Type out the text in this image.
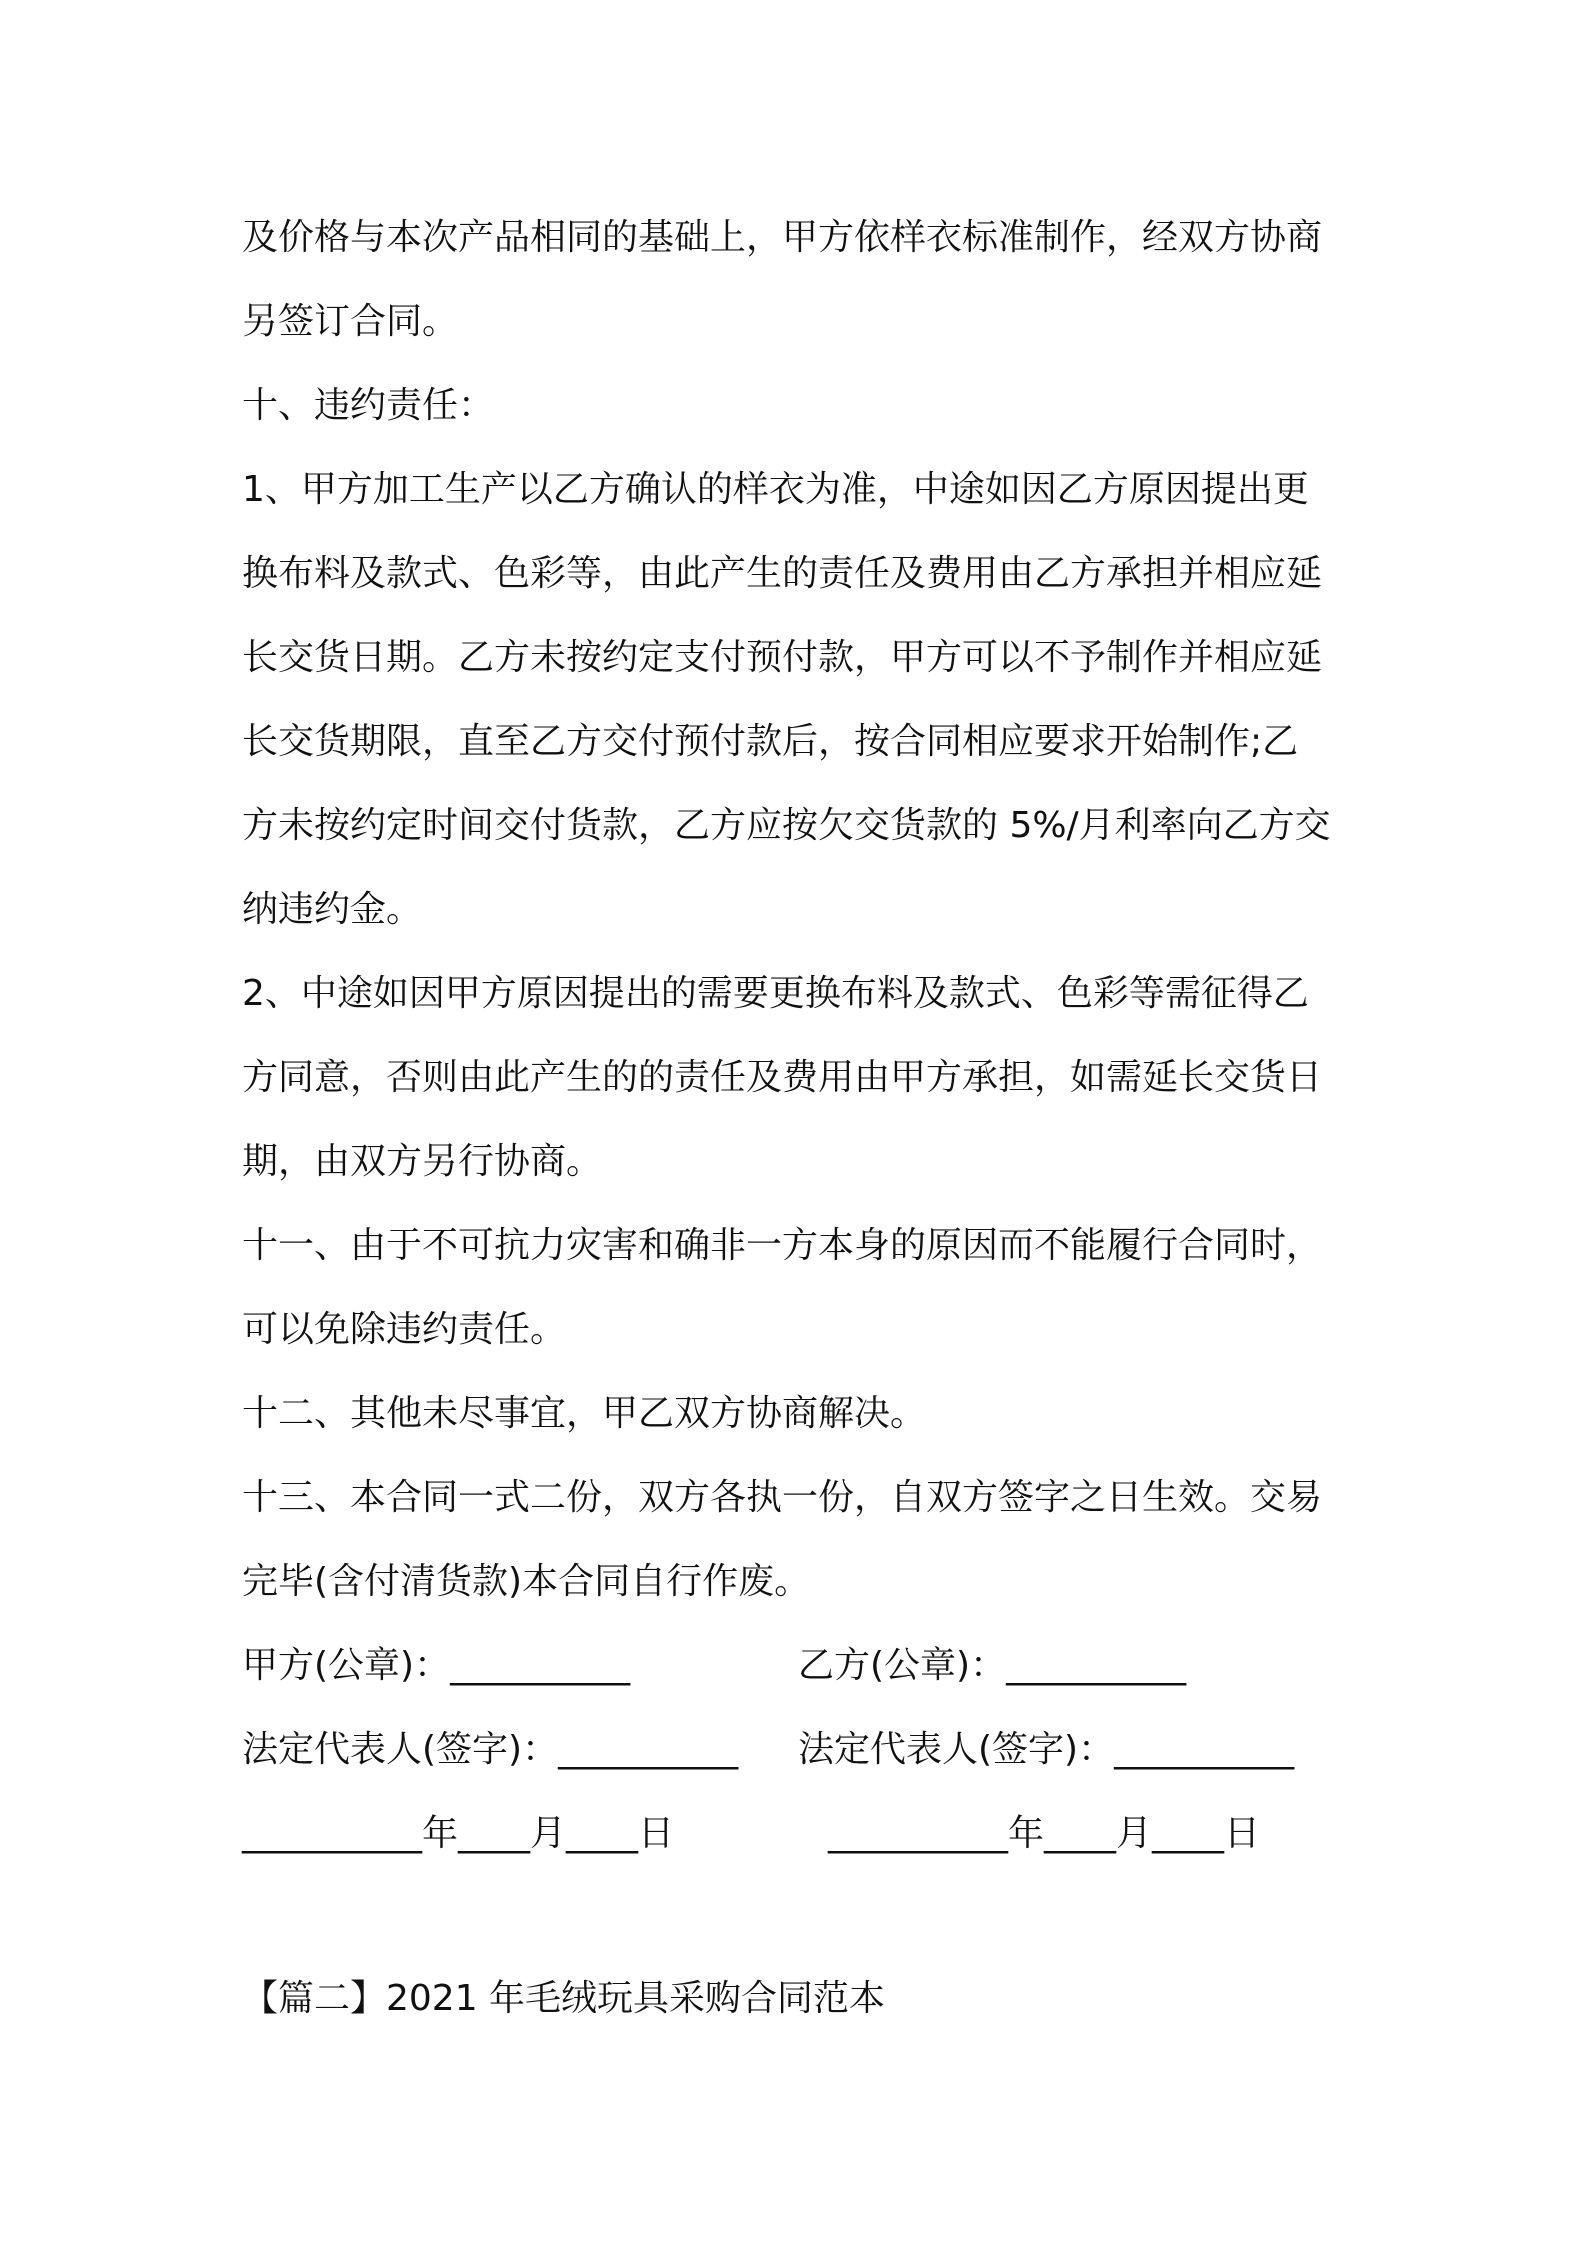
及价格与本次产品相同的基础上，甲方依样衣标准制作，经双方协商
另签订合同。
十、违约责任：
1、甲方加工生产以乙方确认的样衣为准，中途如因乙方原因提出更
换布料及款式、色彩等，由此产生的责任及费用由乙方承担并相应延
长交货日期。乙方未按约定支付预付款，甲方可以不予制作并相应延
长交货期限，直至乙方交付预付款后，按合同相应要求开始制作;乙
方未按约定时间交付货款，乙方应按欠交货款的 5%/月利率向乙方交
纳违约金。
2、中途如因甲方原因提出的需要更换布料及款式、色彩等需征得乙
方同意，否则由此产生的的责任及费用由甲方承担，如需延长交货日
期，由双方另行协商。
十一、由于不可抗力灾害和确非一方本身的原因而不能履行合同时，
可以免除违约责任。
十二、其他未尽事宜，甲乙双方协商解决。
十三、本合同一式二份，双方各执一份，自双方签字之日生效。交易
完毕(含付清货款)本合同自行作废。
甲方(公章)：__________	乙方(公章)：__________
法定代表人(签字)：__________ 法定代表人(签字)：__________
__________年____月____日	__________年____月____日
【篇二】2021 年毛绒玩具采购合同范本
